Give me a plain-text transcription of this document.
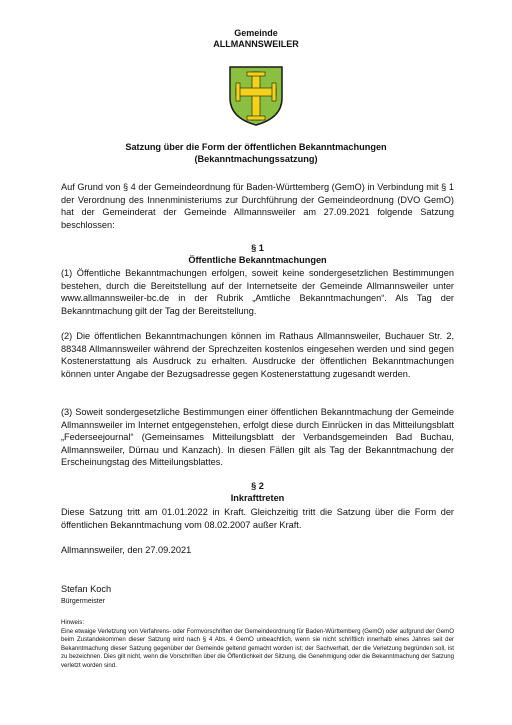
Gemeinde
ALLMANNSWEILER
Satzung über die Form der öffentlichen Bekanntmachungen
(Bekanntmachungssatzung)
Auf Grund von § 4 der Gemeindeordnung für Baden-Württemberg (GemO) in Verbindung mit § 1 der Verordnung des Innenministeriums zur Durchführung der Gemeindeordnung (DVO GemO) hat der Gemeinderat der Gemeinde Allmannsweiler am 27.09.2021 folgende Satzung beschlossen:
§ 1
Öffentliche Bekanntmachungen
(1) Öffentliche Bekanntmachungen erfolgen, soweit keine sondergesetzlichen Bestimmungen bestehen, durch die Bereitstellung auf der Internetseite der Gemeinde Allmannsweiler unter www.allmannsweiler-bc.de in der Rubrik „Amtliche Bekanntmachungen“. Als Tag der Bekanntmachung gilt der Tag der Bereitstellung.
(2) Die öffentlichen Bekanntmachungen können im Rathaus Allmannsweiler, Buchauer Str. 2, 88348 Allmannsweiler während der Sprechzeiten kostenlos eingesehen werden und sind gegen Kostenerstattung als Ausdruck zu erhalten. Ausdrucke der öffentlichen Bekanntmachungen können unter Angabe der Bezugsadresse gegen Kostenerstattung zugesandt werden.
(3) Soweit sondergesetzliche Bestimmungen einer öffentlichen Bekanntmachung der Gemeinde Allmannsweiler im Internet entgegenstehen, erfolgt diese durch Einrücken in das Mitteilungsblatt „Federseejournal“ (Gemeinsames Mitteilungsblatt der Verbandsgemeinden Bad Buchau, Allmannsweiler, Dürnau und Kanzach). In diesen Fällen gilt als Tag der Bekanntmachung der Erscheinungstag des Mitteilungsblattes.
§ 2
Inkrafttreten
Diese Satzung tritt am 01.01.2022 in Kraft. Gleichzeitig tritt die Satzung über die Form der öffentlichen Bekanntmachung vom 08.02.2007 außer Kraft.
Allmannsweiler, den 27.09.2021
Stefan Koch
Bürgermeister
Hinweis:
Eine etwaige Verletzung von Verfahrens- oder Formvorschriften der Gemeindeordnung für Baden-Württemberg (GemO) oder aufgrund der GemO beim Zustandekommen dieser Satzung wird nach § 4 Abs. 4 GemO unbeachtlich, wenn sie nicht schriftlich innerhalb eines Jahres seit der Bekanntmachung dieser Satzung gegenüber der Gemeinde geltend gemacht worden ist; der Sachverhalt, der die Verletzung begründen soll, ist zu bezeichnen. Dies gilt nicht, wenn die Vorschriften über die Öffentlichkeit der Sitzung, die Genehmigung oder die Bekanntmachung der Satzung verletzt worden sind.
